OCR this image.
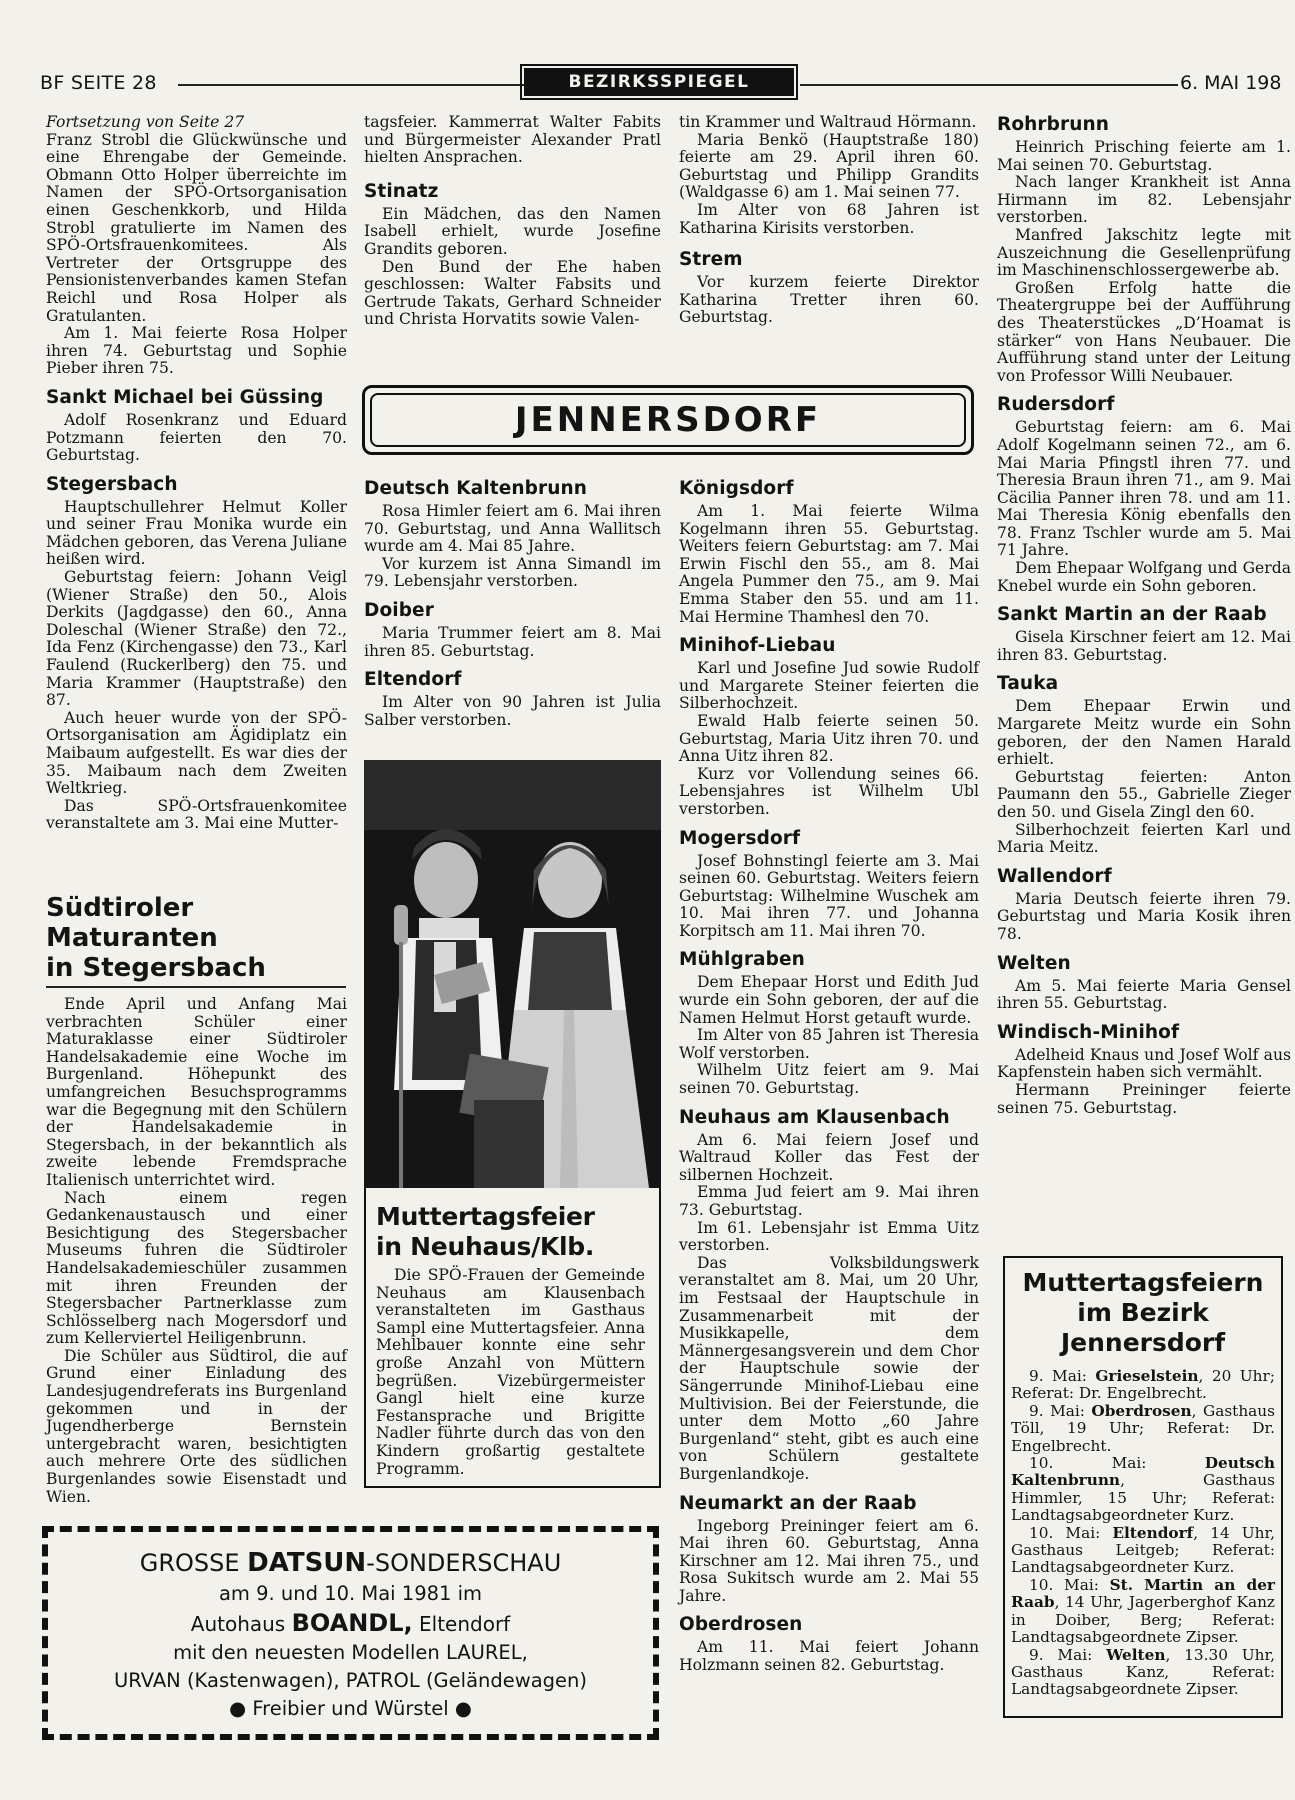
BF SEITE 28	BEZIRKSSPIEGEL	6. MAI 198

Fortsetzung von Seite 27

Franz Strobl die Glückwünsche und eine Ehrengabe der Gemeinde. Obmann Otto Holper überreichte im Namen der SPÖ-Ortsorganisation einen Geschenkkorb, und Hilda Strobl gratulierte im Namen des SPÖ-Ortsfrauenkomitees. Als Vertreter der Ortsgruppe des Pensionistenverbandes kamen Stefan Reichl und Rosa Holper als Gratulanten.

Am 1. Mai feierte Rosa Holper ihren 74. Geburtstag und Sophie Pieber ihren 75.

Sankt Michael bei Güssing

Adolf Rosenkranz und Eduard Potzmann feierten den 70. Geburtstag.

Stegersbach

Hauptschullehrer Helmut Koller und seiner Frau Monika wurde ein Mädchen geboren, das Verena Juliane heißen wird.

Geburtstag feiern: Johann Veigl (Wiener Straße) den 50., Alois Derkits (Jagdgasse) den 60., Anna Doleschal (Wiener Straße) den 72., Ida Fenz (Kirchengasse) den 73., Karl Faulend (Ruckerlberg) den 75. und Maria Krammer (Hauptstraße) den 87.

Auch heuer wurde von der SPÖ-Ortsorganisation am Ägidiplatz ein Maibaum aufgestellt. Es war dies der 35. Maibaum nach dem Zweiten Weltkrieg.

Das SPÖ-Ortsfrauenkomitee veranstaltete am 3. Mai eine Mutter-

Südtiroler
Maturanten
in Stegersbach

Ende April und Anfang Mai verbrachten Schüler einer Maturaklasse einer Südtiroler Handelsakademie eine Woche im Burgenland. Höhepunkt des umfangreichen Besuchsprogramms war die Begegnung mit den Schülern der Handelsakademie in Stegersbach, in der bekanntlich als zweite lebende Fremdsprache Italienisch unterrichtet wird.

Nach einem regen Gedankenaustausch und einer Besichtigung des Stegersbacher Museums fuhren die Südtiroler Handelsakademieschüler zusammen mit ihren Freunden der Stegersbacher Partnerklasse zum Schlösselberg nach Mogersdorf und zum Kellerviertel Heiligenbrunn.

Die Schüler aus Südtirol, die auf Grund einer Einladung des Landesjugendreferats ins Burgenland gekommen und in der Jugendherberge Bernstein untergebracht waren, besichtigten auch mehrere Orte des südlichen Burgenlandes sowie Eisenstadt und Wien.

tagsfeier. Kammerrat Walter Fabits und Bürgermeister Alexander Pratl hielten Ansprachen.

Stinatz

Ein Mädchen, das den Namen Isabell erhielt, wurde Josefine Grandits geboren.

Den Bund der Ehe haben geschlossen: Walter Fabsits und Gertrude Takats, Gerhard Schneider und Christa Horvatits sowie Valen-

tin Krammer und Waltraud Hörmann.

Maria Benkö (Hauptstraße 180) feierte am 29. April ihren 60. Geburtstag und Philipp Grandits (Waldgasse 6) am 1. Mai seinen 77.

Im Alter von 68 Jahren ist Katharina Kirisits verstorben.

Strem

Vor kurzem feierte Direktor Katharina Tretter ihren 60. Geburtstag.

JENNERSDORF
Deutsch Kaltenbrunn

Rosa Himler feiert am 6. Mai ihren 70. Geburtstag, und Anna Wallitsch wurde am 4. Mai 85 Jahre.

Vor kurzem ist Anna Simandl im 79. Lebensjahr verstorben.

Doiber

Maria Trummer feiert am 8. Mai ihren 85. Geburtstag.

Eltendorf

Im Alter von 90 Jahren ist Julia Salber verstorben.

Muttertagsfeier
in Neuhaus/Klb.

Die SPÖ-Frauen der Gemeinde Neuhaus am Klausenbach veranstalteten im Gasthaus Sampl eine Muttertagsfeier. Anna Mehlbauer konnte eine sehr große Anzahl von Müttern begrüßen. Vizebürgermeister Gangl hielt eine kurze Festansprache und Brigitte Nadler führte durch das von den Kindern großartig gestaltete Programm.

Königsdorf

Am 1. Mai feierte Wilma Kogelmann ihren 55. Geburtstag. Weiters feiern Geburtstag: am 7. Mai Erwin Fischl den 55., am 8. Mai Angela Pummer den 75., am 9. Mai Emma Staber den 55. und am 11. Mai Hermine Thamhesl den 70.

Minihof-Liebau

Karl und Josefine Jud sowie Rudolf und Margarete Steiner feierten die Silberhochzeit.

Ewald Halb feierte seinen 50. Geburtstag, Maria Uitz ihren 70. und Anna Uitz ihren 82.

Kurz vor Vollendung seines 66. Lebensjahres ist Wilhelm Ubl verstorben.

Mogersdorf

Josef Bohnstingl feierte am 3. Mai seinen 60. Geburtstag. Weiters feiern Geburtstag: Wilhelmine Wuschek am 10. Mai ihren 77. und Johanna Korpitsch am 11. Mai ihren 70.

Mühlgraben

Dem Ehepaar Horst und Edith Jud wurde ein Sohn geboren, der auf die Namen Helmut Horst getauft wurde.

Im Alter von 85 Jahren ist Theresia Wolf verstorben.

Wilhelm Uitz feiert am 9. Mai seinen 70. Geburtstag.

Neuhaus am Klausenbach

Am 6. Mai feiern Josef und Waltraud Koller das Fest der silbernen Hochzeit.

Emma Jud feiert am 9. Mai ihren 73. Geburtstag.

Im 61. Lebensjahr ist Emma Uitz verstorben.

Das Volksbildungswerk veranstaltet am 8. Mai, um 20 Uhr, im Festsaal der Hauptschule in Zusammenarbeit mit der Musikkapelle, dem Männergesangsverein und dem Chor der Hauptschule sowie der Sängerrunde Minihof-Liebau eine Multivision. Bei der Feierstunde, die unter dem Motto „60 Jahre Burgenland“ steht, gibt es auch eine von Schülern gestaltete Burgenlandkoje.

Neumarkt an der Raab

Ingeborg Preininger feiert am 6. Mai ihren 60. Geburtstag, Anna Kirschner am 12. Mai ihren 75., und Rosa Sukitsch wurde am 2. Mai 55 Jahre.

Oberdrosen

Am 11. Mai feiert Johann Holzmann seinen 82. Geburtstag.

Rohrbrunn

Heinrich Prisching feierte am 1. Mai seinen 70. Geburtstag.

Nach langer Krankheit ist Anna Hirmann im 82. Lebensjahr verstorben.

Manfred Jakschitz legte mit Auszeichnung die Gesellenprüfung im Maschinenschlossergewerbe ab.

Großen Erfolg hatte die Theatergruppe bei der Aufführung des Theaterstückes „D’Hoamat is stärker“ von Hans Neubauer. Die Aufführung stand unter der Leitung von Professor Willi Neubauer.

Rudersdorf

Geburtstag feiern: am 6. Mai Adolf Kogelmann seinen 72., am 6. Mai Maria Pfingstl ihren 77. und Theresia Braun ihren 71., am 9. Mai Cäcilia Panner ihren 78. und am 11. Mai Theresia König ebenfalls den 78. Franz Tschler wurde am 5. Mai 71 Jahre.

Dem Ehepaar Wolfgang und Gerda Knebel wurde ein Sohn geboren.

Sankt Martin an der Raab

Gisela Kirschner feiert am 12. Mai ihren 83. Geburtstag.

Tauka

Dem Ehepaar Erwin und Margarete Meitz wurde ein Sohn geboren, der den Namen Harald erhielt.

Geburtstag feierten: Anton Paumann den 55., Gabrielle Zieger den 50. und Gisela Zingl den 60.

Silberhochzeit feierten Karl und Maria Meitz.

Wallendorf

Maria Deutsch feierte ihren 79. Geburtstag und Maria Kosik ihren 78.

Welten

Am 5. Mai feierte Maria Gensel ihren 55. Geburtstag.

Windisch-Minihof

Adelheid Knaus und Josef Wolf aus Kapfenstein haben sich vermählt.

Hermann Preininger feierte seinen 75. Geburtstag.

Muttertagsfeiern
im Bezirk
Jennersdorf

9. Mai: Grieselstein, 20 Uhr; Referat: Dr. Engelbrecht.

9. Mai: Oberdrosen, Gasthaus Töll, 19 Uhr; Referat: Dr. Engelbrecht.

10. Mai: Deutsch Kaltenbrunn, Gasthaus Himmler, 15 Uhr; Referat: Landtagsabgeordneter Kurz.

10. Mai: Eltendorf, 14 Uhr, Gasthaus Leitgeb; Referat: Landtagsabgeordneter Kurz.

10. Mai: St. Martin an der Raab, 14 Uhr, Jagerberghof Kanz in Doiber, Berg; Referat: Landtagsabgeordnete Zipser.

9. Mai: Welten, 13.30 Uhr, Gasthaus Kanz, Referat: Landtagsabgeordnete Zipser.

GROSSE DATSUN-SONDERSCHAU
am 9. und 10. Mai 1981 im
Autohaus BOANDL, Eltendorf
mit den neuesten Modellen LAUREL,
URVAN (Kastenwagen), PATROL (Geländewagen)
● Freibier und Würstel ●
